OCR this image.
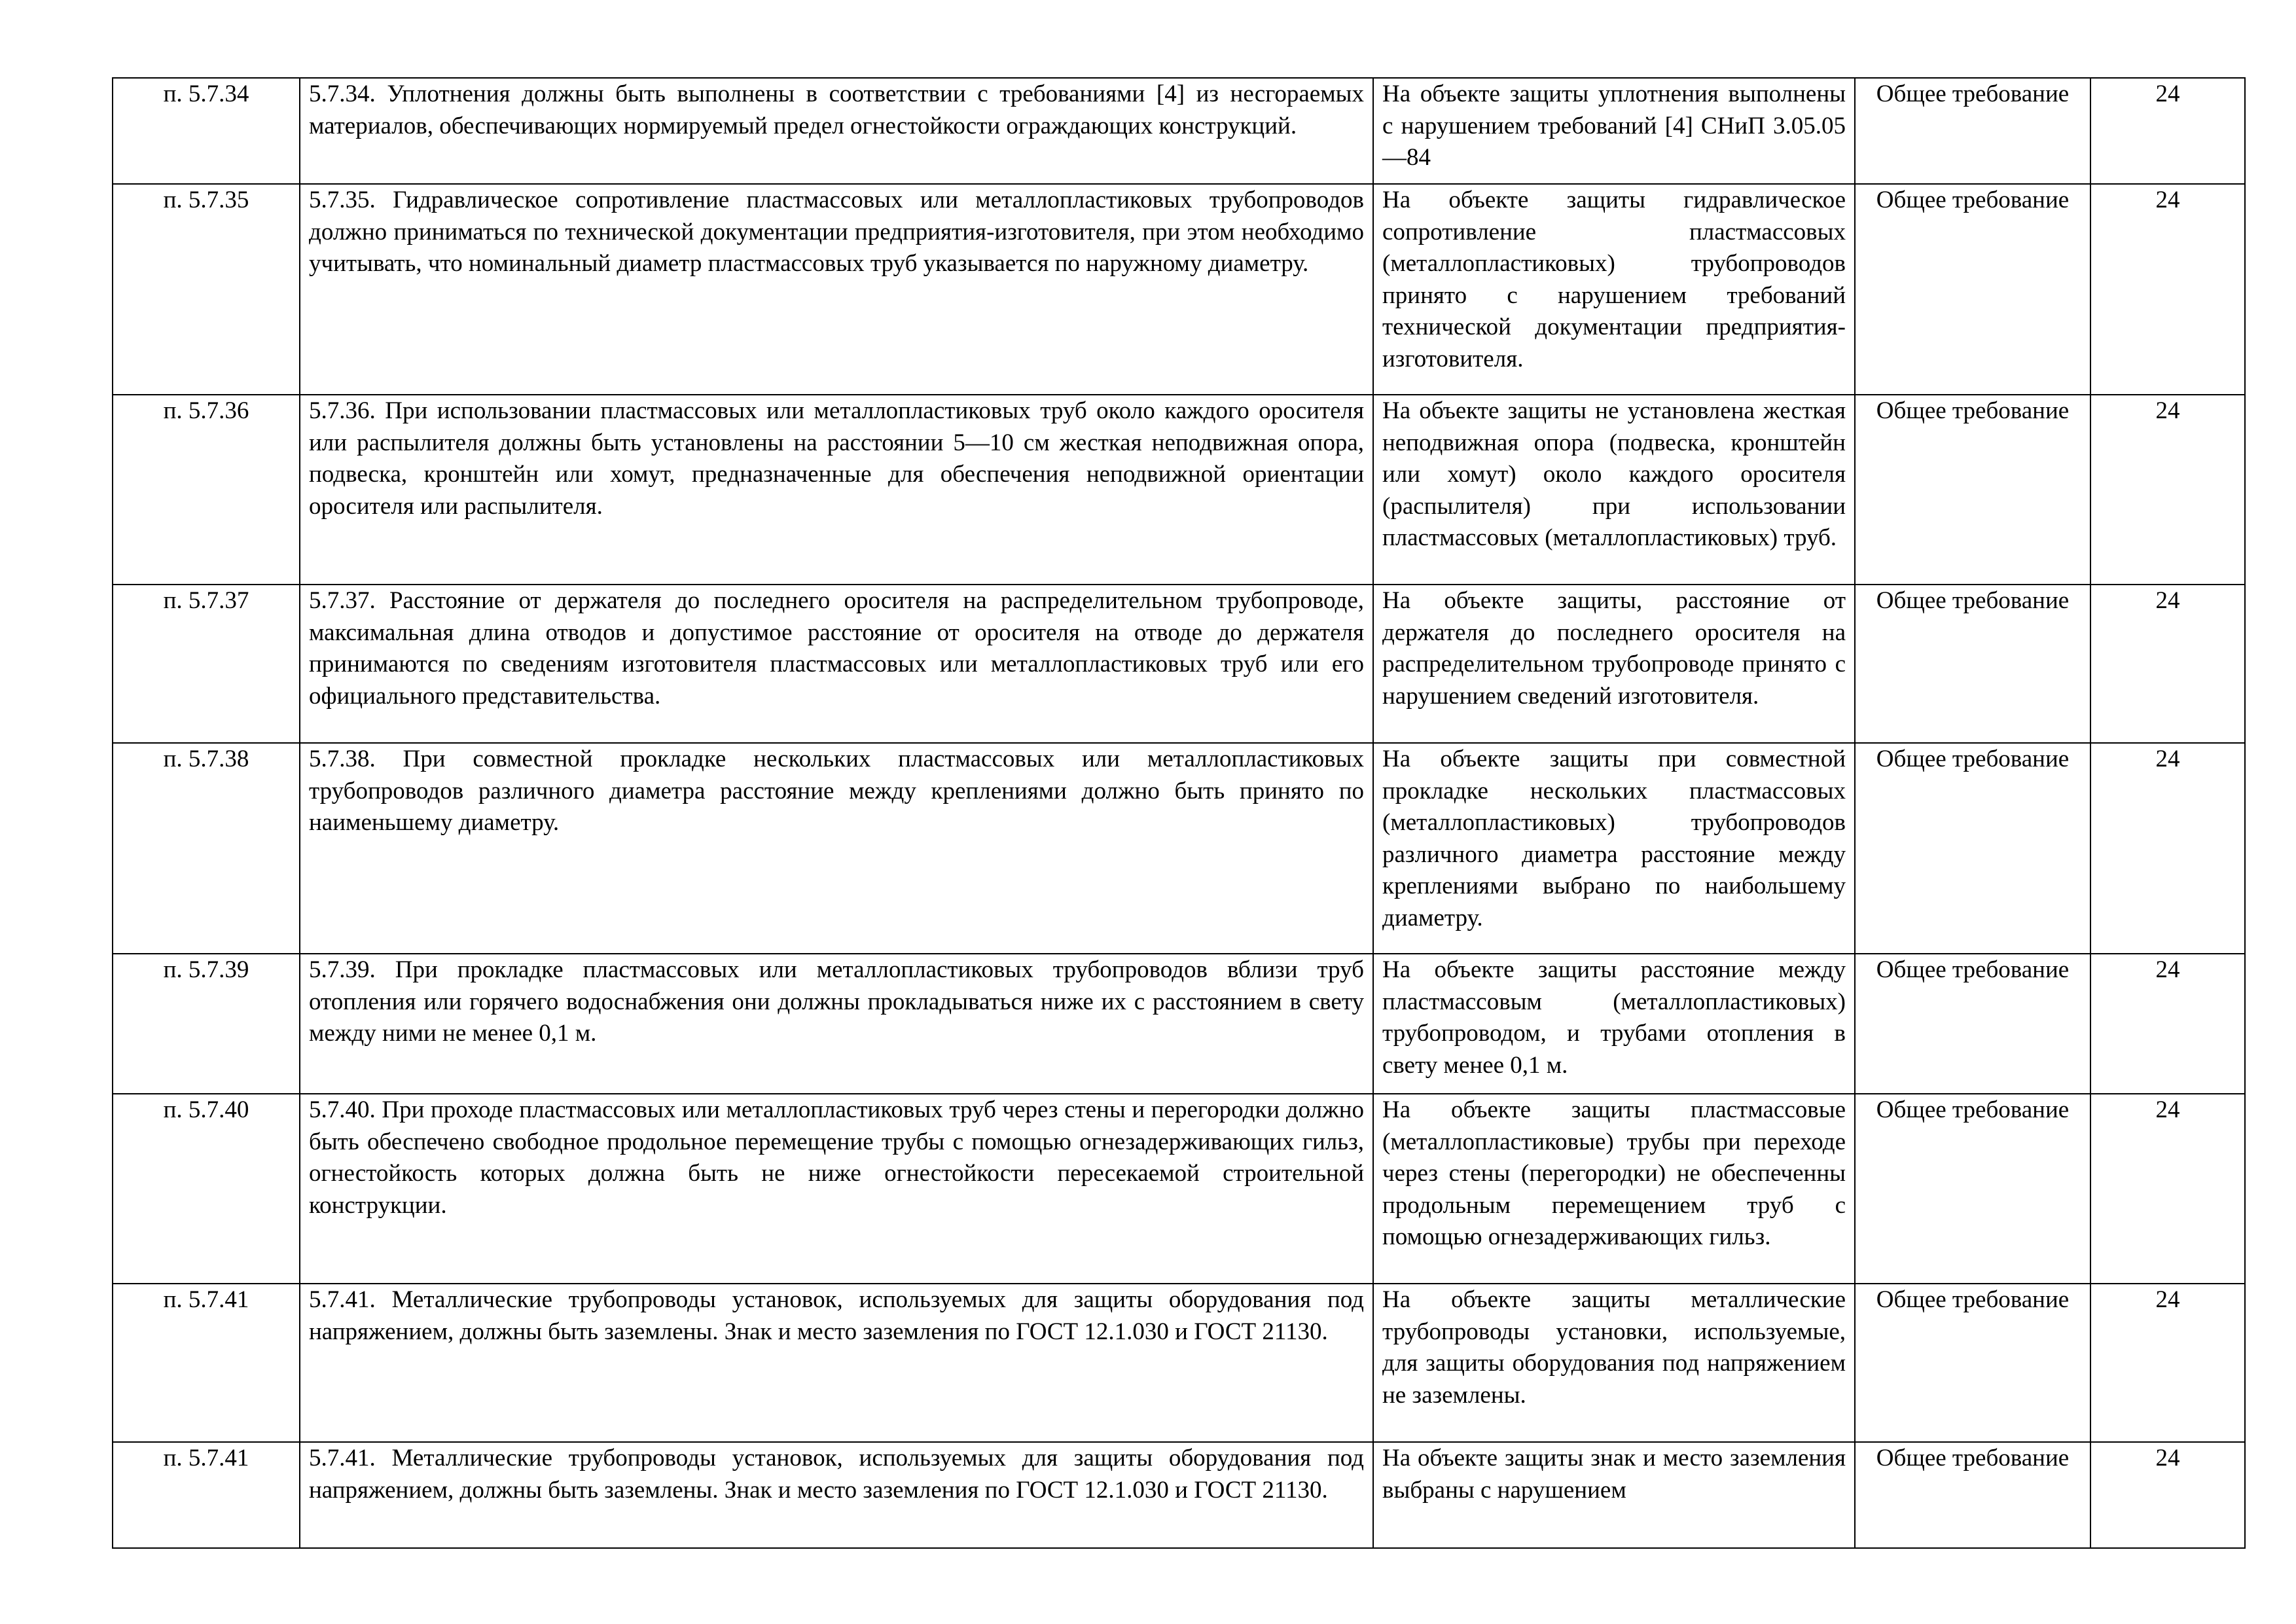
п. 5.7.34	5.7.34. Уплотнения должны быть выполнены в соответствии с требованиями [4] из несгораемых материалов, обеспечивающих нормируемый предел огнестойкости ограждающих конструкций.	На объекте защиты уплотнения выполнены с нарушением требований [4] СНиП 3.05.05—84	Общее требование	24

п. 5.7.35	5.7.35. Гидравлическое сопротивление пластмассовых или металлопластиковых трубопроводов должно приниматься по технической документации предприятия-изготовителя, при этом необходимо учитывать, что номинальный диаметр пластмассовых труб указывается по наружному диаметру.	На объекте защиты гидравлическое сопротивление пластмассовых (металлопластиковых) трубопроводов принято с нарушением требований технической документации предприятия-изготовителя.	Общее требование	24

п. 5.7.36	5.7.36. При использовании пластмассовых или металлопластиковых труб около каждого оросителя или распылителя должны быть установлены на расстоянии 5—10 см жесткая неподвижная опора, подвеска, кронштейн или хомут, предназначенные для обеспечения неподвижной ориентации оросителя или распылителя.	На объекте защиты не установлена жесткая неподвижная опора (подвеска, кронштейн или хомут) около каждого оросителя (распылителя) при использовании пластмассовых (металлопластиковых) труб.	Общее требование	24

п. 5.7.37	5.7.37. Расстояние от держателя до последнего оросителя на распределительном трубопроводе, максимальная длина отводов и допустимое расстояние от оросителя на отводе до держателя принимаются по сведениям изготовителя пластмассовых или металлопластиковых труб или его официального представительства.	На объекте защиты, расстояние от держателя до последнего оросителя на распределительном трубопроводе принято с нарушением сведений изготовителя.	Общее требование	24

п. 5.7.38	5.7.38. При совместной прокладке нескольких пластмассовых или металлопластиковых трубопроводов различного диаметра расстояние между креплениями должно быть принято по наименьшему диаметру.	На объекте защиты при совместной прокладке нескольких пластмассовых (металлопластиковых) трубопроводов различного диаметра расстояние между креплениями выбрано по наибольшему диаметру.	Общее требование	24

п. 5.7.39	5.7.39. При прокладке пластмассовых или металлопластиковых трубопроводов вблизи труб отопления или горячего водоснабжения они должны прокладываться ниже их с расстоянием в свету между ними не менее 0,1 м.	На объекте защиты расстояние между пластмассовым (металлопластиковых) трубопроводом, и трубами отопления в свету менее 0,1 м.	Общее требование	24

п. 5.7.40	5.7.40. При проходе пластмассовых или металлопластиковых труб через стены и перегородки должно быть обеспечено свободное продольное перемещение трубы с помощью огнезадерживающих гильз, огнестойкость которых должна быть не ниже огнестойкости пересекаемой строительной конструкции.	На объекте защиты пластмассовые (металлопластиковые) трубы при переходе через стены (перегородки) не обеспеченны продольным перемещением труб с помощью огнезадерживающих гильз.	Общее требование	24

п. 5.7.41	5.7.41. Металлические трубопроводы установок, используемых для защиты оборудования под напряжением, должны быть заземлены. Знак и место заземления по ГОСТ 12.1.030 и ГОСТ 21130.	На объекте защиты металлические трубопроводы установки, используемые, для защиты оборудования под напряжением не заземлены.	Общее требование	24

п. 5.7.41	5.7.41. Металлические трубопроводы установок, используемых для защиты оборудования под напряжением, должны быть заземлены. Знак и место заземления по ГОСТ 12.1.030 и ГОСТ 21130.	На объекте защиты знак и место заземления выбраны с нарушением	Общее требование	24
